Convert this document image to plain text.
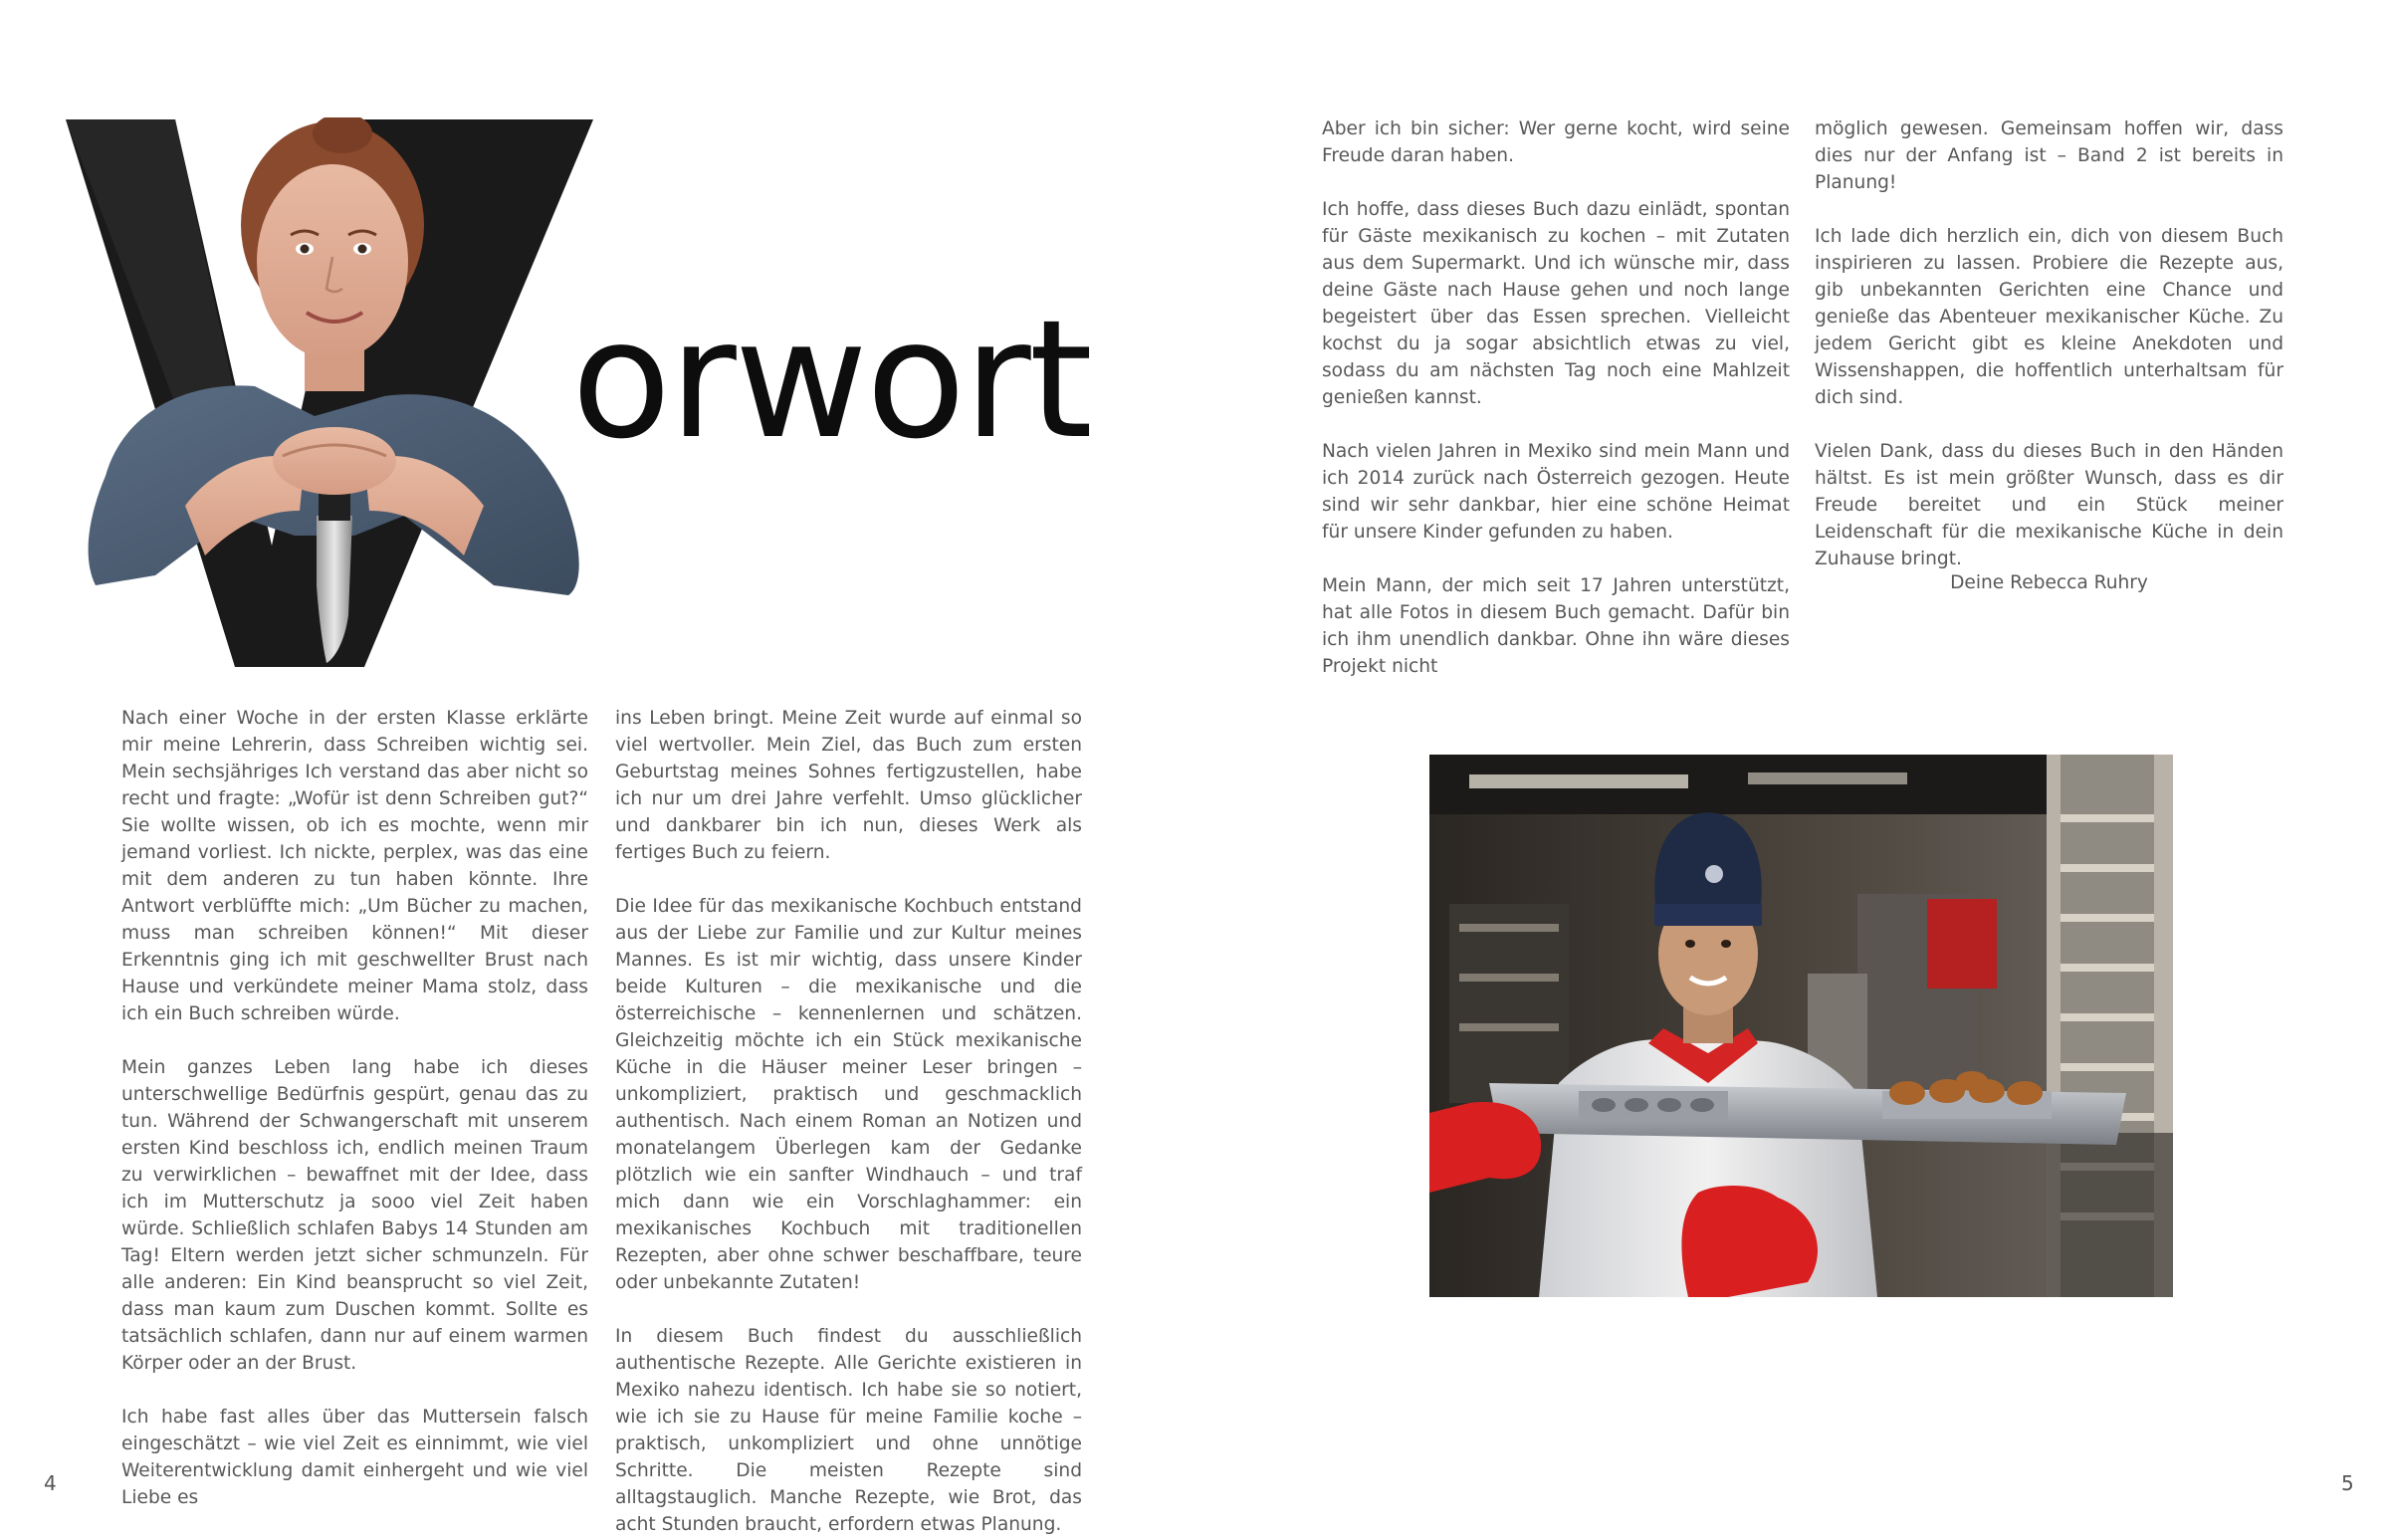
orwort

Nach einer Woche in der ersten Klasse erklärte mir meine Lehrerin, dass Schreiben wichtig sei. Mein sechsjähriges Ich verstand das aber nicht so recht und fragte: „Wofür ist denn Schreiben gut?“ Sie wollte wissen, ob ich es mochte, wenn mir jemand vorliest. Ich nickte, perplex, was das eine mit dem anderen zu tun haben könnte. Ihre Antwort verblüffte mich: „Um Bücher zu machen, muss man schreiben können!“ Mit dieser Erkenntnis ging ich mit geschwellter Brust nach Hause und verkündete meiner Mama stolz, dass ich ein Buch schreiben würde.

Mein ganzes Leben lang habe ich dieses unterschwellige Bedürfnis gespürt, genau das zu tun. Während der Schwangerschaft mit unserem ersten Kind beschloss ich, endlich meinen Traum zu verwirklichen – bewaffnet mit der Idee, dass ich im Mutterschutz ja sooo viel Zeit haben würde. Schließlich schlafen Babys 14 Stunden am Tag! Eltern werden jetzt sicher schmunzeln. Für alle anderen: Ein Kind beansprucht so viel Zeit, dass man kaum zum Duschen kommt. Sollte es tatsächlich schlafen, dann nur auf einem warmen Körper oder an der Brust.

Ich habe fast alles über das Muttersein falsch eingeschätzt – wie viel Zeit es einnimmt, wie viel Weiterentwicklung damit einhergeht und wie viel Liebe es

ins Leben bringt. Meine Zeit wurde auf einmal so viel wertvoller. Mein Ziel, das Buch zum ersten Geburtstag meines Sohnes fertigzustellen, habe ich nur um drei Jahre verfehlt. Umso glücklicher und dankbarer bin ich nun, dieses Werk als fertiges Buch zu feiern.

Die Idee für das mexikanische Kochbuch entstand aus der Liebe zur Familie und zur Kultur meines Mannes. Es ist mir wichtig, dass unsere Kinder beide Kulturen – die mexikanische und die österreichische – kennenlernen und schätzen. Gleichzeitig möchte ich ein Stück mexikanische Küche in die Häuser meiner Leser bringen – unkompliziert, praktisch und geschmacklich authentisch. Nach einem Roman an Notizen und monatelangem Überlegen kam der Gedanke plötzlich wie ein sanfter Windhauch – und traf mich dann wie ein Vorschlaghammer: ein mexikanisches Kochbuch mit traditionellen Rezepten, aber ohne schwer beschaffbare, teure oder unbekannte Zutaten!

In diesem Buch findest du ausschließlich authentische Rezepte. Alle Gerichte existieren in Mexiko nahezu identisch. Ich habe sie so notiert, wie ich sie zu Hause für meine Familie koche – praktisch, unkompliziert und ohne unnötige Schritte. Die meisten Rezepte sind alltagstauglich. Manche Rezepte, wie Brot, das acht Stunden braucht, erfordern etwas Planung.

Aber ich bin sicher: Wer gerne kocht, wird seine Freude daran haben.

Ich hoffe, dass dieses Buch dazu einlädt, spontan für Gäste mexikanisch zu kochen – mit Zutaten aus dem Supermarkt. Und ich wünsche mir, dass deine Gäste nach Hause gehen und noch lange begeistert über das Essen sprechen. Vielleicht kochst du ja sogar absichtlich etwas zu viel, sodass du am nächsten Tag noch eine Mahlzeit genießen kannst.

Nach vielen Jahren in Mexiko sind mein Mann und ich 2014 zurück nach Österreich gezogen. Heute sind wir sehr dankbar, hier eine schöne Heimat für unsere Kinder gefunden zu haben.

Mein Mann, der mich seit 17 Jahren unterstützt, hat alle Fotos in diesem Buch gemacht. Dafür bin ich ihm unendlich dankbar. Ohne ihn wäre dieses Projekt nicht

möglich gewesen. Gemeinsam hoffen wir, dass dies nur der Anfang ist – Band 2 ist bereits in Planung!

Ich lade dich herzlich ein, dich von diesem Buch inspirieren zu lassen. Probiere die Rezepte aus, gib unbekannten Gerichten eine Chance und genieße das Abenteuer mexikanischer Küche. Zu jedem Gericht gibt es kleine Anekdoten und Wissenshappen, die hoffentlich unterhaltsam für dich sind.

Vielen Dank, dass du dieses Buch in den Händen hältst. Es ist mein größter Wunsch, dass es dir Freude bereitet und ein Stück meiner Leidenschaft für die mexikanische Küche in dein Zuhause bringt.

Deine Rebecca Ruhry
4	5
